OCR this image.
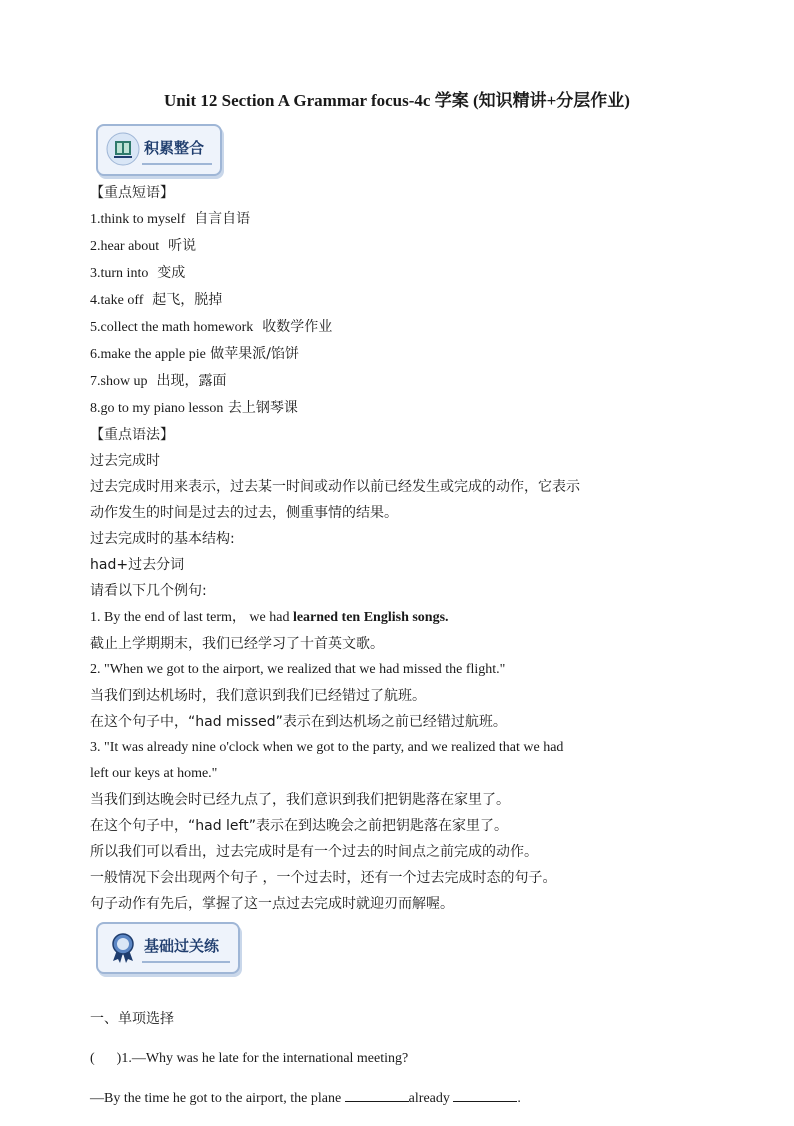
Unit 12 Section A Grammar focus-4c 学案 (知识精讲+分层作业)
积累整合

【重点短语】

1.think to myself 自言自语

2.hear about 听说

3.turn into 变成

4.take off 起飞，脱掉

5.collect the math homework 收数学作业

6.make the apple pie 做苹果派/馅饼

7.show up 出现，露面

8.go to my piano lesson 去上钢琴课

【重点语法】

过去完成时

过去完成时用来表示，过去某一时间或动作以前已经发生或完成的动作，它表示

动作发生的时间是过去的过去，侧重事情的结果。

过去完成时的基本结构:

had+过去分词

请看以下几个例句:

1. By the end of last term， we had learned ten English songs.

截止上学期期末，我们已经学习了十首英文歌。

2. "When we got to the airport, we realized that we had missed the flight."

当我们到达机场时，我们意识到我们已经错过了航班。

在这个句子中，“had missed”表示在到达机场之前已经错过航班。

3. "It was already nine o'clock when we got to the party, and we realized that we had

left our keys at home."

当我们到达晚会时已经九点了，我们意识到我们把钥匙落在家里了。

在这个句子中，“had left”表示在到达晚会之前把钥匙落在家里了。

所以我们可以看出，过去完成时是有一个过去的时间点之前完成的动作。

一般情况下会出现两个句子 ，一个过去时，还有一个过去完成时态的句子。

句子动作有先后，掌握了这一点过去完成时就迎刃而解喔。

基础过关练

一、单项选择

( )1.—Why was he late for the international meeting?

—By the time he got to the airport, the plane	already	.
